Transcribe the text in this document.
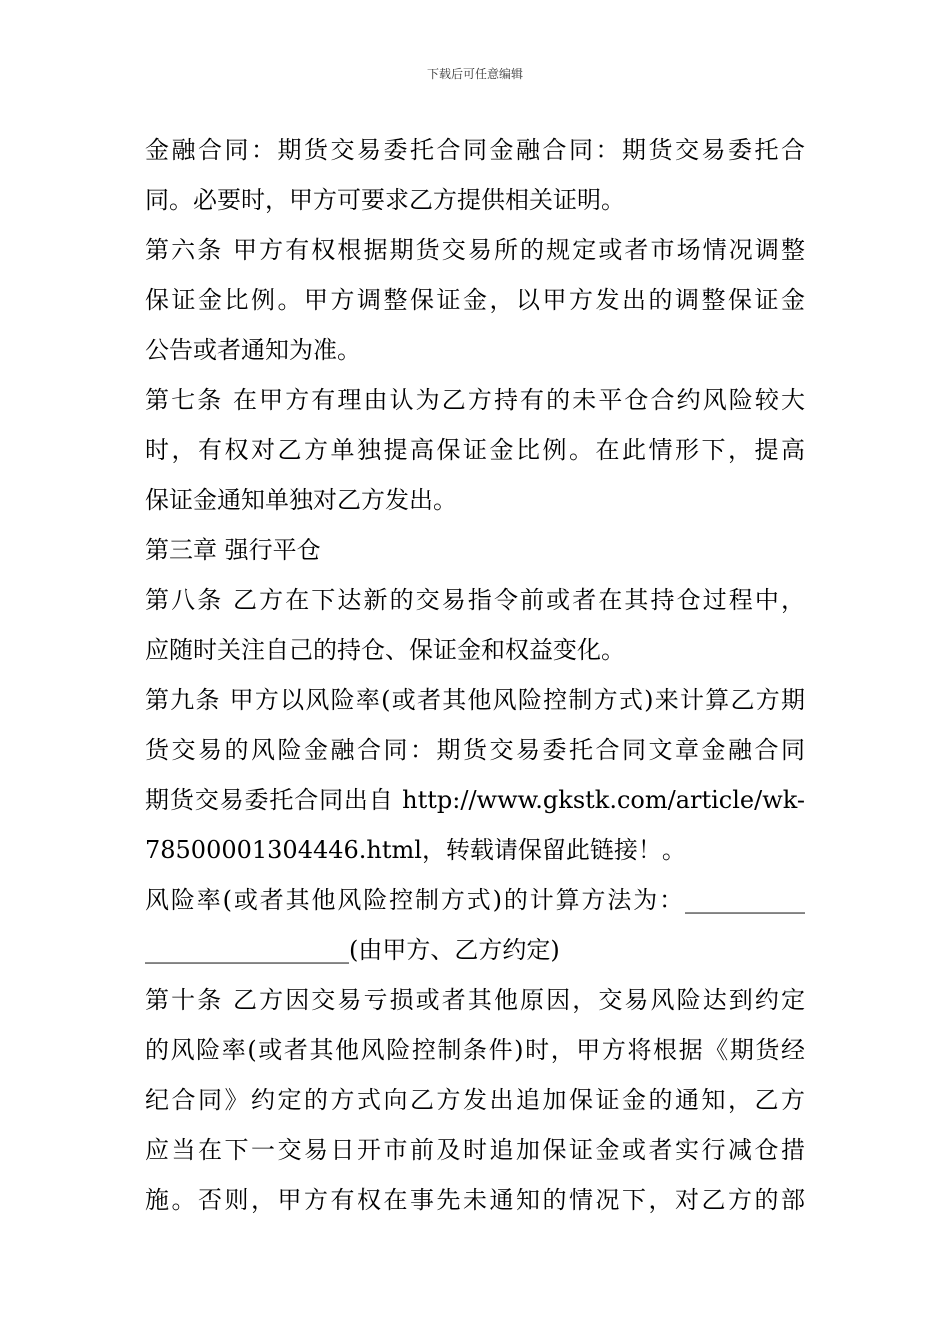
下载后可任意编辑
金融合同：期货交易委托合同金融合同：期货交易委托合
同。必要时，甲方可要求乙方提供相关证明。
第六条 甲方有权根据期货交易所的规定或者市场情况调整
保证金比例。甲方调整保证金，以甲方发出的调整保证金
公告或者通知为准。
第七条 在甲方有理由认为乙方持有的未平仓合约风险较大
时，有权对乙方单独提高保证金比例。在此情形下，提高
保证金通知单独对乙方发出。
第三章 强行平仓
第八条 乙方在下达新的交易指令前或者在其持仓过程中，
应随时关注自己的持仓、保证金和权益变化。
第九条 甲方以风险率(或者其他风险控制方式)来计算乙方期
货交易的风险金融合同：期货交易委托合同文章金融合同
期货交易委托合同出自 http://www.gkstk.com/article/wk-
78500001304446.html，转载请保留此链接！。
风险率(或者其他风险控制方式)的计算方法为：__________
_________________(由甲方、乙方约定)
第十条 乙方因交易亏损或者其他原因，交易风险达到约定
的风险率(或者其他风险控制条件)时，甲方将根据《期货经
纪合同》约定的方式向乙方发出追加保证金的通知，乙方
应当在下一交易日开市前及时追加保证金或者实行减仓措
施。否则，甲方有权在事先未通知的情况下，对乙方的部
